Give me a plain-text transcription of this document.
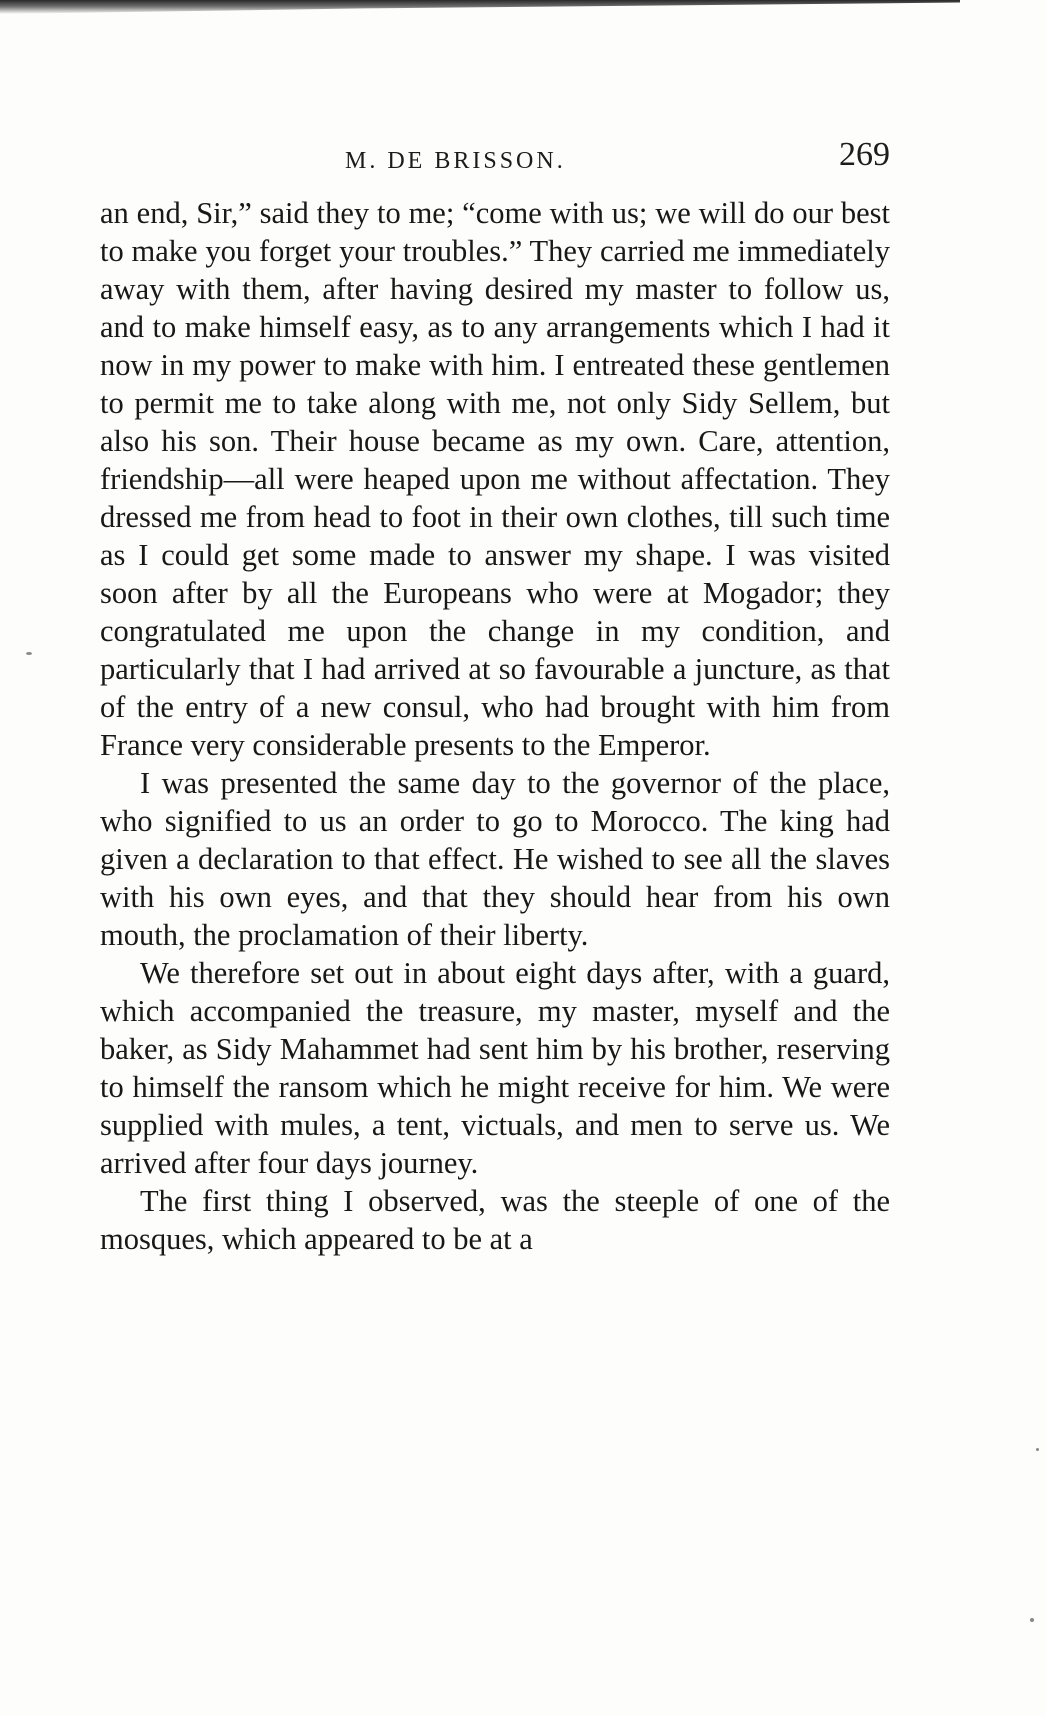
M. DE BRISSON.	269

an end, Sir,” said they to me; “come with us; we will do our best to make you forget your troubles.” They carried me immediately away with them, after having desired my master to follow us, and to make himself easy, as to any arrangements which I had it now in my power to make with him. I entreated these gentlemen to permit me to take along with me, not only Sidy Sellem, but also his son. Their house became as my own. Care, attention, friendship—all were heaped upon me without affectation. They dressed me from head to foot in their own clothes, till such time as I could get some made to answer my shape. I was visited soon after by all the Europeans who were at Mogador; they congratulated me upon the change in my condition, and particularly that I had arrived at so favourable a juncture, as that of the entry of a new consul, who had brought with him from France very considerable presents to the Emperor.

I was presented the same day to the governor of the place, who signified to us an order to go to Morocco. The king had given a declaration to that effect. He wished to see all the slaves with his own eyes, and that they should hear from his own mouth, the proclamation of their liberty.

We therefore set out in about eight days after, with a guard, which accompanied the treasure, my master, myself and the baker, as Sidy Mahammet had sent him by his brother, reserving to himself the ransom which he might receive for him. We were supplied with mules, a tent, victuals, and men to serve us. We arrived after four days journey.

The first thing I observed, was the steeple of one of the mosques, which appeared to be at a
